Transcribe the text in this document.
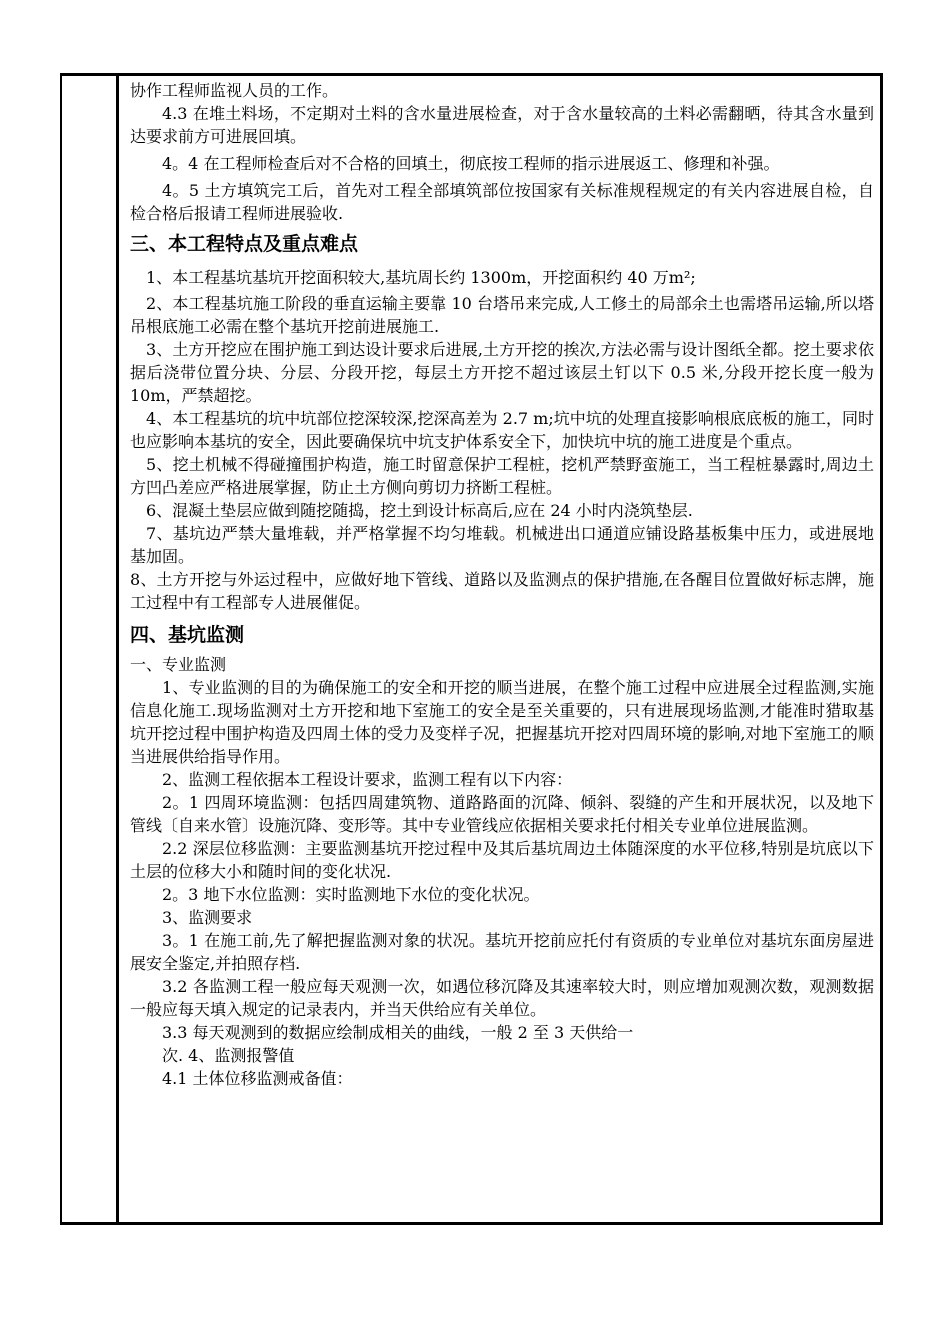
协作工程师监视人员的工作。

4.3 在堆土料场，不定期对土料的含水量进展检查，对于含水量较高的土料必需翻晒，待其含水量到达要求前方可进展回填。

4。4 在工程师检查后对不合格的回填土，彻底按工程师的指示进展返工、修理和补强。

4。5 土方填筑完工后，首先对工程全部填筑部位按国家有关标准规程规定的有关内容进展自检，自检合格后报请工程师进展验收.

三、本工程特点及重点难点

1、本工程基坑基坑开挖面积较大,基坑周长约 1300m，开挖面积约 40 万m²;

2、本工程基坑施工阶段的垂直运输主要靠 10 台塔吊来完成,人工修土的局部余土也需塔吊运输,所以塔吊根底施工必需在整个基坑开挖前进展施工.

3、土方开挖应在围护施工到达设计要求后进展,土方开挖的挨次,方法必需与设计图纸全都。挖土要求依据后浇带位置分块、分层、分段开挖，每层土方开挖不超过该层土钉以下 0.5 米,分段开挖长度一般为 10m，严禁超挖。

4、本工程基坑的坑中坑部位挖深较深,挖深高差为 2.7 m;坑中坑的处理直接影响根底底板的施工，同时也应影响本基坑的安全，因此要确保坑中坑支护体系安全下，加快坑中坑的施工进度是个重点。

5、挖土机械不得碰撞围护构造，施工时留意保护工程桩，挖机严禁野蛮施工，当工程桩暴露时,周边土方凹凸差应严格进展掌握，防止土方侧向剪切力挤断工程桩。

6、混凝土垫层应做到随挖随捣，挖土到设计标高后,应在 24 小时内浇筑垫层.

7、基坑边严禁大量堆载，并严格掌握不均匀堆载。机械进出口通道应铺设路基板集中压力，或进展地基加固。

8、土方开挖与外运过程中，应做好地下管线、道路以及监测点的保护措施,在各醒目位置做好标志牌，施工过程中有工程部专人进展催促。

四、基坑监测

一、专业监测

1、专业监测的目的为确保施工的安全和开挖的顺当进展，在整个施工过程中应进展全过程监测,实施信息化施工.现场监测对土方开挖和地下室施工的安全是至关重要的，只有进展现场监测,才能准时猎取基坑开挖过程中围护构造及四周土体的受力及变样子况，把握基坑开挖对四周环境的影响,对地下室施工的顺当进展供给指导作用。

2、监测工程依据本工程设计要求，监测工程有以下内容：

2。1 四周环境监测：包括四周建筑物、道路路面的沉降、倾斜、裂缝的产生和开展状况，以及地下管线〔自来水管〕设施沉降、变形等。其中专业管线应依据相关要求托付相关专业单位进展监测。

2.2 深层位移监测：主要监测基坑开挖过程中及其后基坑周边土体随深度的水平位移,特别是坑底以下土层的位移大小和随时间的变化状况.

2。3 地下水位监测：实时监测地下水位的变化状况。

3、监测要求

3。1 在施工前,先了解把握监测对象的状况。基坑开挖前应托付有资质的专业单位对基坑东面房屋进展安全鉴定,并拍照存档.

3.2 各监测工程一般应每天观测一次，如遇位移沉降及其速率较大时，则应增加观测次数，观测数据一般应每天填入规定的记录表内，并当天供给应有关单位。

3.3 每天观测到的数据应绘制成相关的曲线，一般 2 至 3 天供给一

次. 4、监测报警值

4.1 土体位移监测戒备值：
